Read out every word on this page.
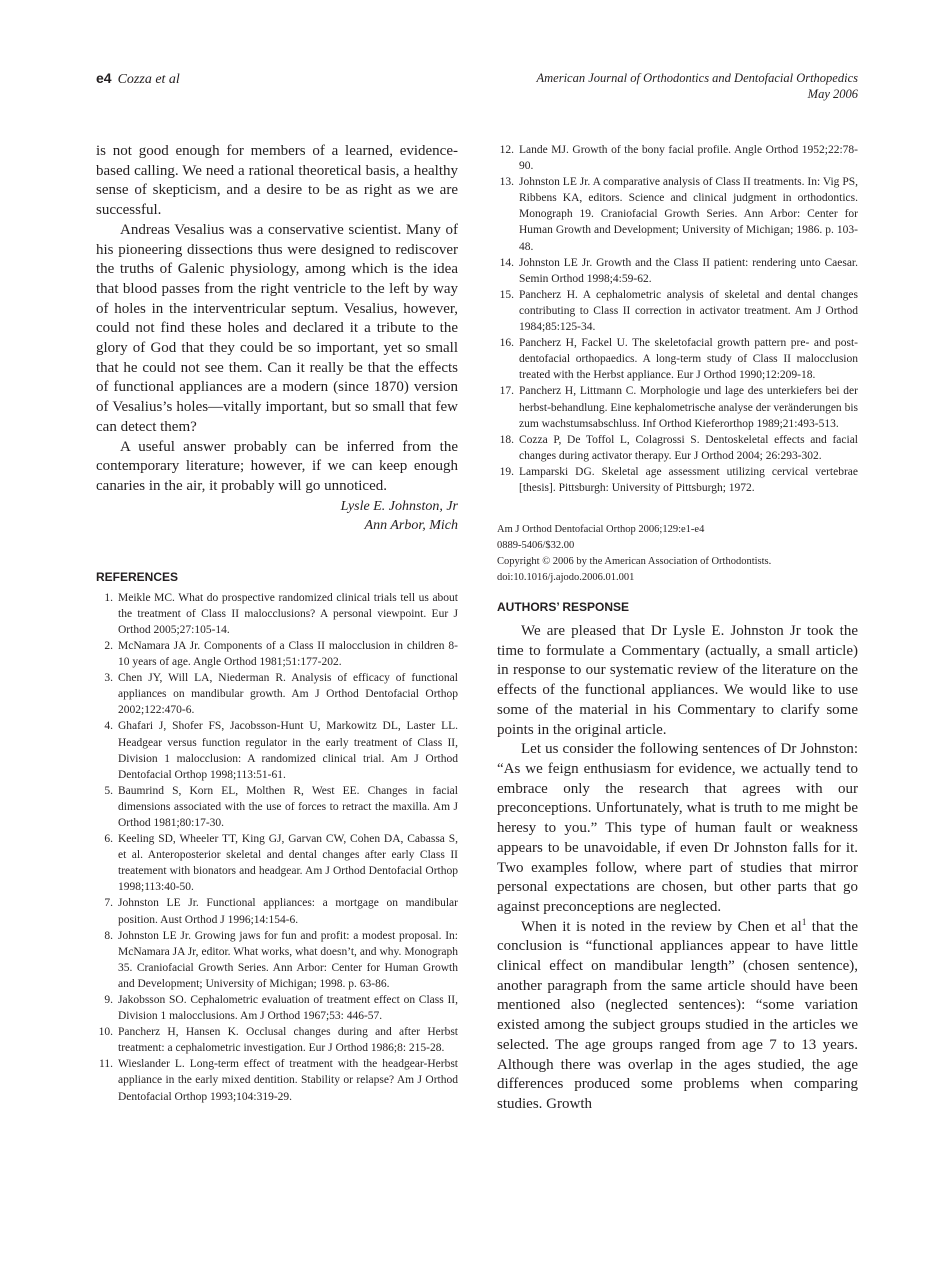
e4 Cozza et al	American Journal of Orthodontics and Dentofacial Orthopedics
May 2006

is not good enough for members of a learned, evidence-based calling. We need a rational theoretical basis, a healthy sense of skepticism, and a desire to be as right as we are successful.

Andreas Vesalius was a conservative scientist. Many of his pioneering dissections thus were designed to rediscover the truths of Galenic physiology, among which is the idea that blood passes from the right ventricle to the left by way of holes in the interventricular septum. Vesalius, however, could not find these holes and declared it a tribute to the glory of God that they could be so important, yet so small that he could not see them. Can it really be that the effects of functional appliances are a modern (since 1870) version of Vesalius’s holes—vitally important, but so small that few can detect them?

A useful answer probably can be inferred from the contemporary literature; however, if we can keep enough canaries in the air, it probably will go unnoticed.

Lysle E. Johnston, Jr

Ann Arbor, Mich

REFERENCES

1. Meikle MC. What do prospective randomized clinical trials tell us about the treatment of Class II malocclusions? A personal viewpoint. Eur J Orthod 2005;27:105-14.
2. McNamara JA Jr. Components of a Class II malocclusion in children 8-10 years of age. Angle Orthod 1981;51:177-202.
3. Chen JY, Will LA, Niederman R. Analysis of efficacy of functional appliances on mandibular growth. Am J Orthod Dentofacial Orthop 2002;122:470-6.
4. Ghafari J, Shofer FS, Jacobsson-Hunt U, Markowitz DL, Laster LL. Headgear versus function regulator in the early treatment of Class II, Division 1 malocclusion: A randomized clinical trial. Am J Orthod Dentofacial Orthop 1998;113:51-61.
5. Baumrind S, Korn EL, Molthen R, West EE. Changes in facial dimensions associated with the use of forces to retract the maxilla. Am J Orthod 1981;80:17-30.
6. Keeling SD, Wheeler TT, King GJ, Garvan CW, Cohen DA, Cabassa S, et al. Anteroposterior skeletal and dental changes after early Class II treatement with bionators and headgear. Am J Orthod Dentofacial Orthop 1998;113:40-50.
7. Johnston LE Jr. Functional appliances: a mortgage on mandibular position. Aust Orthod J 1996;14:154-6.
8. Johnston LE Jr. Growing jaws for fun and profit: a modest proposal. In: McNamara JA Jr, editor. What works, what doesn’t, and why. Monograph 35. Craniofacial Growth Series. Ann Arbor: Center for Human Growth and Development; University of Michigan; 1998. p. 63-86.
9. Jakobsson SO. Cephalometric evaluation of treatment effect on Class II, Division 1 malocclusions. Am J Orthod 1967;53: 446-57.
10. Pancherz H, Hansen K. Occlusal changes during and after Herbst treatment: a cephalometric investigation. Eur J Orthod 1986;8: 215-28.
11. Wieslander L. Long-term effect of treatment with the headgear-Herbst appliance in the early mixed dentition. Stability or relapse? Am J Orthod Dentofacial Orthop 1993;104:319-29.
12. Lande MJ. Growth of the bony facial profile. Angle Orthod 1952;22:78-90.
13. Johnston LE Jr. A comparative analysis of Class II treatments. In: Vig PS, Ribbens KA, editors. Science and clinical judgment in orthodontics. Monograph 19. Craniofacial Growth Series. Ann Arbor: Center for Human Growth and Development; University of Michigan; 1986. p. 103-48.
14. Johnston LE Jr. Growth and the Class II patient: rendering unto Caesar. Semin Orthod 1998;4:59-62.
15. Pancherz H. A cephalometric analysis of skeletal and dental changes contributing to Class II correction in activator treatment. Am J Orthod 1984;85:125-34.
16. Pancherz H, Fackel U. The skeletofacial growth pattern pre- and post-dentofacial orthopaedics. A long-term study of Class II malocclusion treated with the Herbst appliance. Eur J Orthod 1990;12:209-18.
17. Pancherz H, Littmann C. Morphologie und lage des unterkiefers bei der herbst-behandlung. Eine kephalometrische analyse der veränderungen bis zum wachstumsabschluss. Inf Orthod Kieferorthop 1989;21:493-513.
18. Cozza P, De Toffol L, Colagrossi S. Dentoskeletal effects and facial changes during activator therapy. Eur J Orthod 2004; 26:293-302.
19. Lamparski DG. Skeletal age assessment utilizing cervical vertebrae [thesis]. Pittsburgh: University of Pittsburgh; 1972.
Am J Orthod Dentofacial Orthop 2006;129:e1-e4
0889-5406/$32.00
Copyright © 2006 by the American Association of Orthodontists.
doi:10.1016/j.ajodo.2006.01.001

AUTHORS’ RESPONSE

We are pleased that Dr Lysle E. Johnston Jr took the time to formulate a Commentary (actually, a small article) in response to our systematic review of the literature on the effects of the functional appliances. We would like to use some of the material in his Commentary to clarify some points in the original article.

Let us consider the following sentences of Dr Johnston: “As we feign enthusiasm for evidence, we actually tend to embrace only the research that agrees with our preconceptions. Unfortunately, what is truth to me might be heresy to you.” This type of human fault or weakness appears to be unavoidable, if even Dr Johnston falls for it. Two examples follow, where part of studies that mirror personal expectations are chosen, but other parts that go against preconceptions are neglected.

When it is noted in the review by Chen et $al^1$ that the conclusion is “functional appliances appear to have little clinical effect on mandibular length” (chosen sentence), another paragraph from the same article should have been mentioned also (neglected sentences): “some variation existed among the subject groups studied in the articles we selected. The age groups ranged from age 7 to 13 years. Although there was overlap in the ages studied, the age differences produced some problems when comparing studies. Growth
